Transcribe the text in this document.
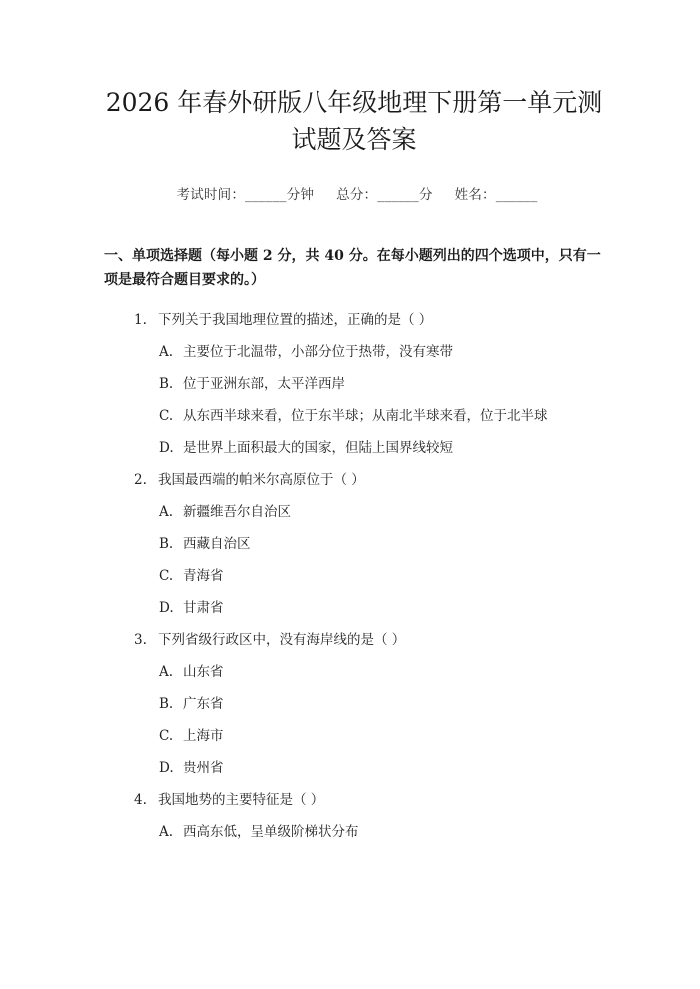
2026 年春外研版八年级地理下册第一单元测
试题及答案
考试时间：______分钟 总分：______分 姓名：______
一、单项选择题（每小题 2 分，共 40 分。在每小题列出的四个选项中，只有一项是最符合题目要求的。）
1. 下列关于我国地理位置的描述，正确的是（ ）
A. 主要位于北温带，小部分位于热带，没有寒带
B. 位于亚洲东部，太平洋西岸
C. 从东西半球来看，位于东半球；从南北半球来看，位于北半球
D. 是世界上面积最大的国家，但陆上国界线较短
2. 我国最西端的帕米尔高原位于（ ）
A. 新疆维吾尔自治区
B. 西藏自治区
C. 青海省
D. 甘肃省
3. 下列省级行政区中，没有海岸线的是（ ）
A. 山东省
B. 广东省
C. 上海市
D. 贵州省
4. 我国地势的主要特征是（ ）
A. 西高东低，呈单级阶梯状分布
